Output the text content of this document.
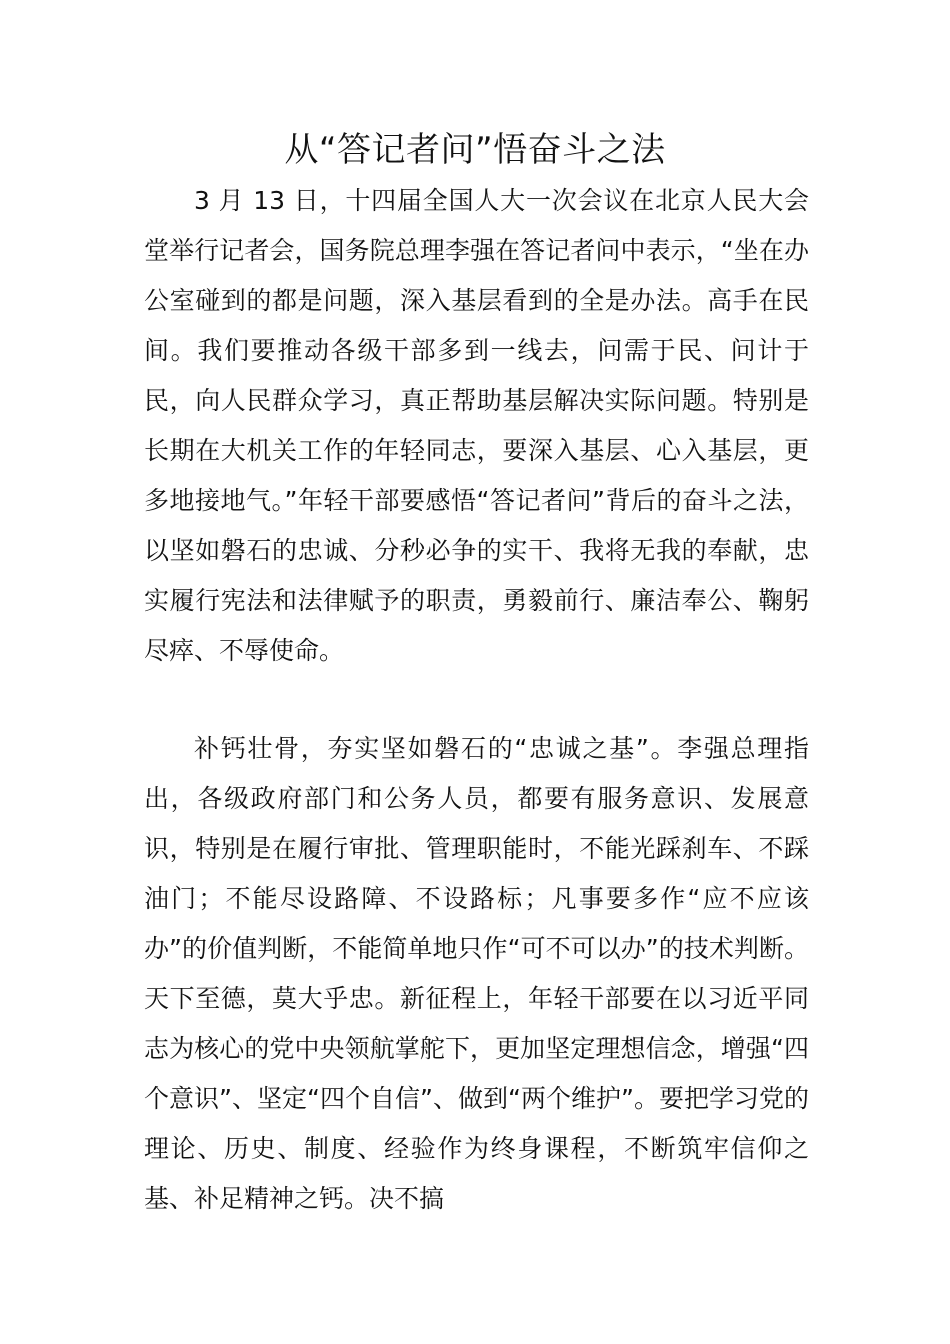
从“答记者问”悟奋斗之法

3 月 13 日，十四届全国人大一次会议在北京人民大会堂举行记者会，国务院总理李强在答记者问中表示，“坐在办公室碰到的都是问题，深入基层看到的全是办法。高手在民间。我们要推动各级干部多到一线去，问需于民、问计于民，向人民群众学习，真正帮助基层解决实际问题。特别是长期在大机关工作的年轻同志，要深入基层、心入基层，更多地接地气。”年轻干部要感悟“答记者问”背后的奋斗之法，以坚如磐石的忠诚、分秒必争的实干、我将无我的奉献，忠实履行宪法和法律赋予的职责，勇毅前行、廉洁奉公、鞠躬尽瘁、不辱使命。

补钙壮骨，夯实坚如磐石的“忠诚之基”。李强总理指出，各级政府部门和公务人员，都要有服务意识、发展意识，特别是在履行审批、管理职能时，不能光踩刹车、不踩油门；不能尽设路障、不设路标；凡事要多作“应不应该办”的价值判断，不能简单地只作“可不可以办”的技术判断。天下至德，莫大乎忠。新征程上，年轻干部要在以习近平同志为核心的党中央领航掌舵下，更加坚定理想信念，增强“四个意识”、坚定“四个自信”、做到“两个维护”。要把学习党的理论、历史、制度、经验作为终身课程，不断筑牢信仰之基、补足精神之钙。决不搞
